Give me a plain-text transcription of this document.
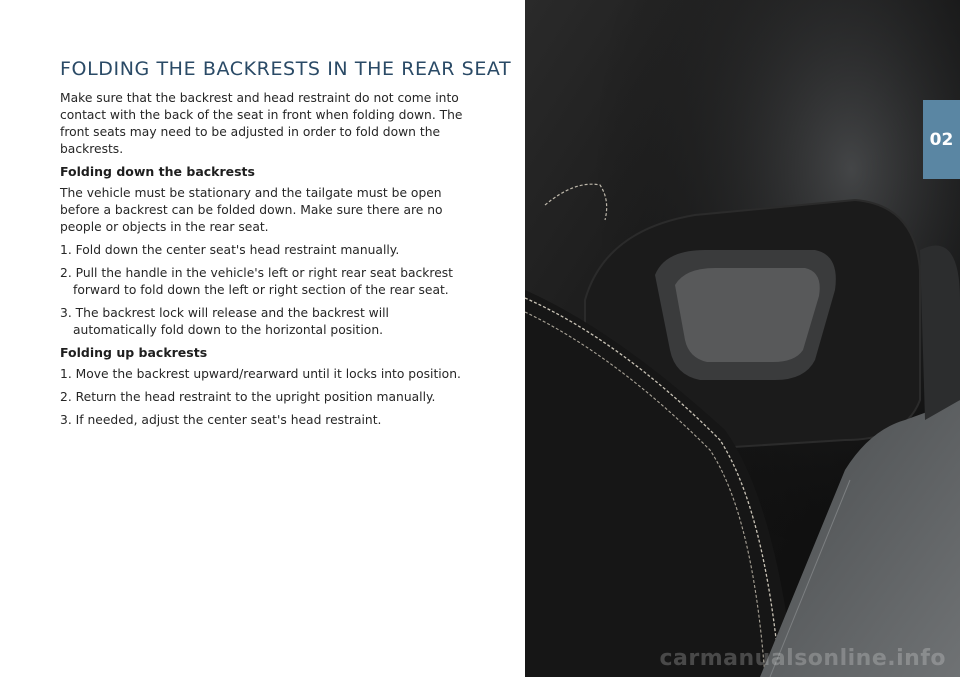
FOLDING THE BACKRESTS IN THE REAR SEAT

Make sure that the backrest and head restraint do not come into contact with the back of the seat in front when folding down. The front seats may need to be adjusted in order to fold down the backrests.

Folding down the backrests

The vehicle must be stationary and the tailgate must be open before a backrest can be folded down. Make sure there are no people or objects in the rear seat.

1. Fold down the center seat's head restraint manually.
2. Pull the handle in the vehicle's left or right rear seat backrest forward to fold down the left or right section of the rear seat.
3. The backrest lock will release and the backrest will automatically fold down to the horizontal position.
Folding up backrests
1. Move the backrest upward/rearward until it locks into position.
2. Return the head restraint to the upright position manually.
3. If needed, adjust the center seat's head restraint.
02
carmanualsonline.info
